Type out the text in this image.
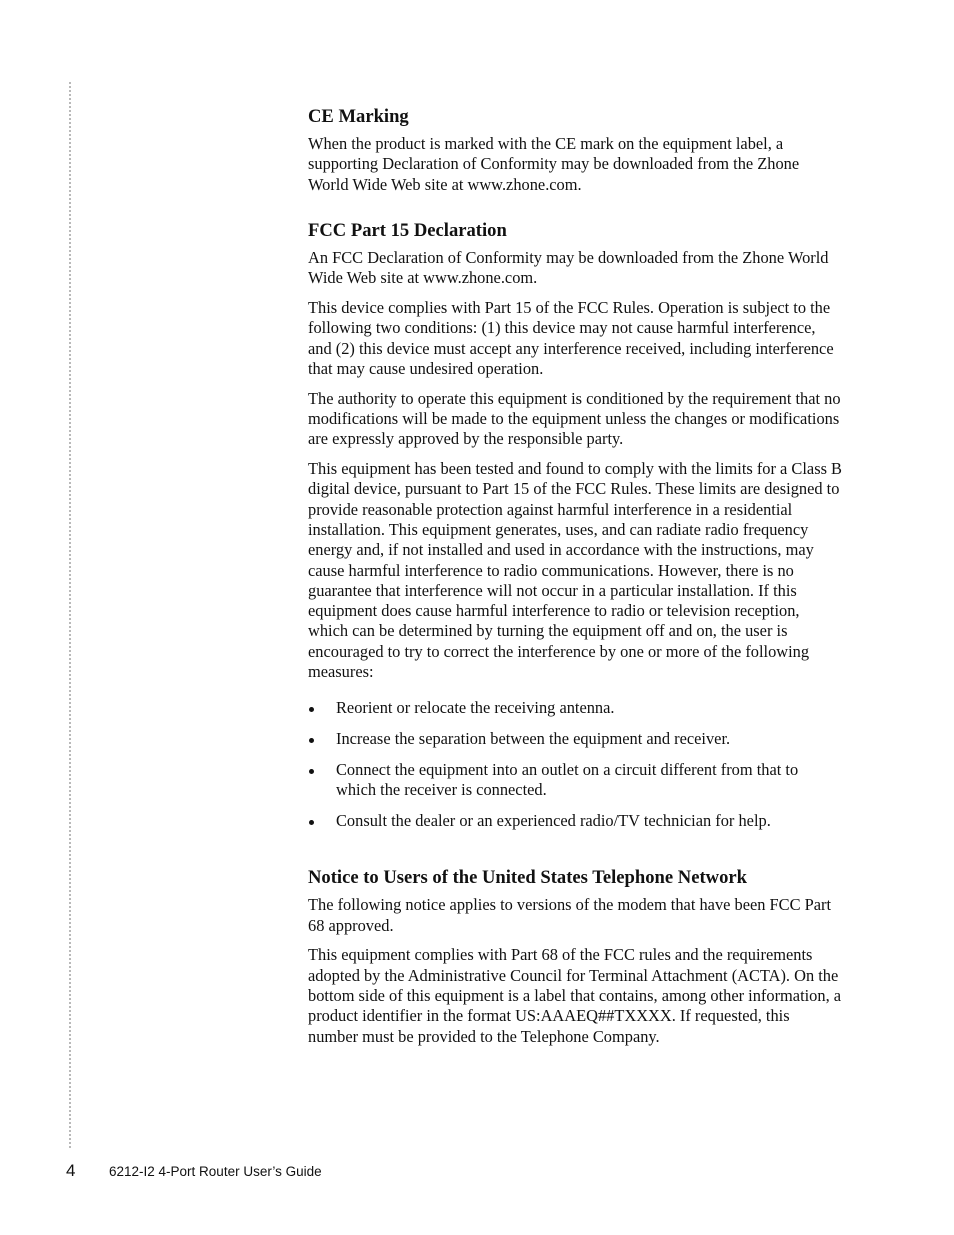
CE Marking

When the product is marked with the CE mark on the equipment label, a supporting Declaration of Conformity may be downloaded from the Zhone World Wide Web site at www.zhone.com.

FCC Part 15 Declaration

An FCC Declaration of Conformity may be downloaded from the Zhone World Wide Web site at www.zhone.com.

This device complies with Part 15 of the FCC Rules. Operation is subject to the following two conditions: (1) this device may not cause harmful interference, and (2) this device must accept any interference received, including interference that may cause undesired operation.

The authority to operate this equipment is conditioned by the requirement that no modifications will be made to the equipment unless the changes or modifications are expressly approved by the responsible party.

This equipment has been tested and found to comply with the limits for a Class B digital device, pursuant to Part 15 of the FCC Rules. These limits are designed to provide reasonable protection against harmful interference in a residential installation. This equipment generates, uses, and can radiate radio frequency energy and, if not installed and used in accordance with the instructions, may cause harmful interference to radio communications. However, there is no guarantee that interference will not occur in a particular installation. If this equipment does cause harmful interference to radio or television reception, which can be determined by turning the equipment off and on, the user is encouraged to try to correct the interference by one or more of the following measures:

Reorient or relocate the receiving antenna.
Increase the separation between the equipment and receiver.
Connect the equipment into an outlet on a circuit different from that to which the receiver is connected.
Consult the dealer or an experienced radio/TV technician for help.
Notice to Users of the United States Telephone Network

The following notice applies to versions of the modem that have been FCC Part 68 approved.

This equipment complies with Part 68 of the FCC rules and the requirements adopted by the Administrative Council for Terminal Attachment (ACTA). On the bottom side of this equipment is a label that contains, among other information, a product identifier in the format US:AAAEQ##TXXXX. If requested, this number must be provided to the Telephone Company.

4 6212-I2 4-Port Router User’s Guide
